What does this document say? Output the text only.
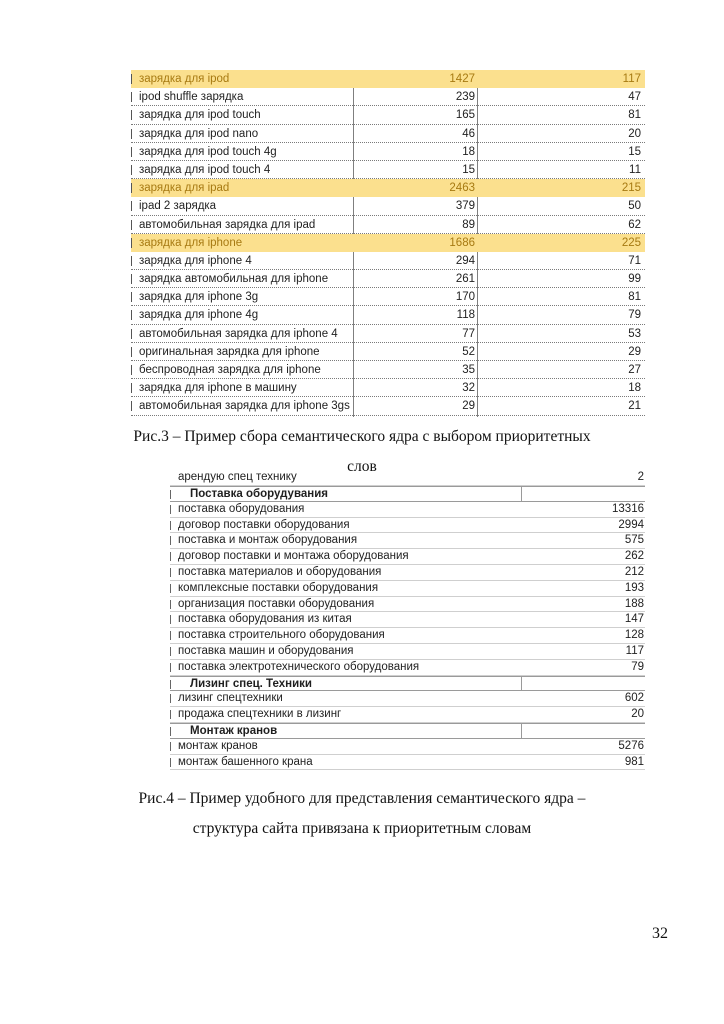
зарядка для ipod	1427	117
ipod shuffle зарядка	239	47
зарядка для ipod touch	165	81
зарядка для ipod nano	46	20
зарядка для ipod touch 4g	18	15
зарядка для ipod touch 4	15	11
зарядка для ipad	2463	215
ipad 2 зарядка	379	50
автомобильная зарядка для ipad	89	62
зарядка для iphone	1686	225
зарядка для iphone 4	294	71
зарядка автомобильная для iphone	261	99
зарядка для iphone 3g	170	81
зарядка для iphone 4g	118	79
автомобильная зарядка для iphone 4	77	53
оригинальная зарядка для iphone	52	29
беспроводная зарядка для iphone	35	27
зарядка для iphone в машину	32	18
автомобильная зарядка для iphone 3gs	29	21
Рис.3 – Пример сбора семантического ядра с выбором приоритетных
слов
арендую спец технику	2
Поставка оборудувания
поставка оборудования	13316
договор поставки оборудования	2994
поставка и монтаж оборудования	575
договор поставки и монтажа оборудования	262
поставка материалов и оборудования	212
комплексные поставки оборудования	193
организация поставки оборудования	188
поставка оборудования из китая	147
поставка строительного оборудования	128
поставка машин и оборудования	117
поставка электротехнического оборудования	79
Лизинг спец. Техники
лизинг спецтехники	602
продажа спецтехники в лизинг	20
Монтаж кранов
монтаж кранов	5276
монтаж башенного крана	981
Рис.4 – Пример удобного для представления семантического ядра –
структура сайта привязана к приоритетным словам
32
